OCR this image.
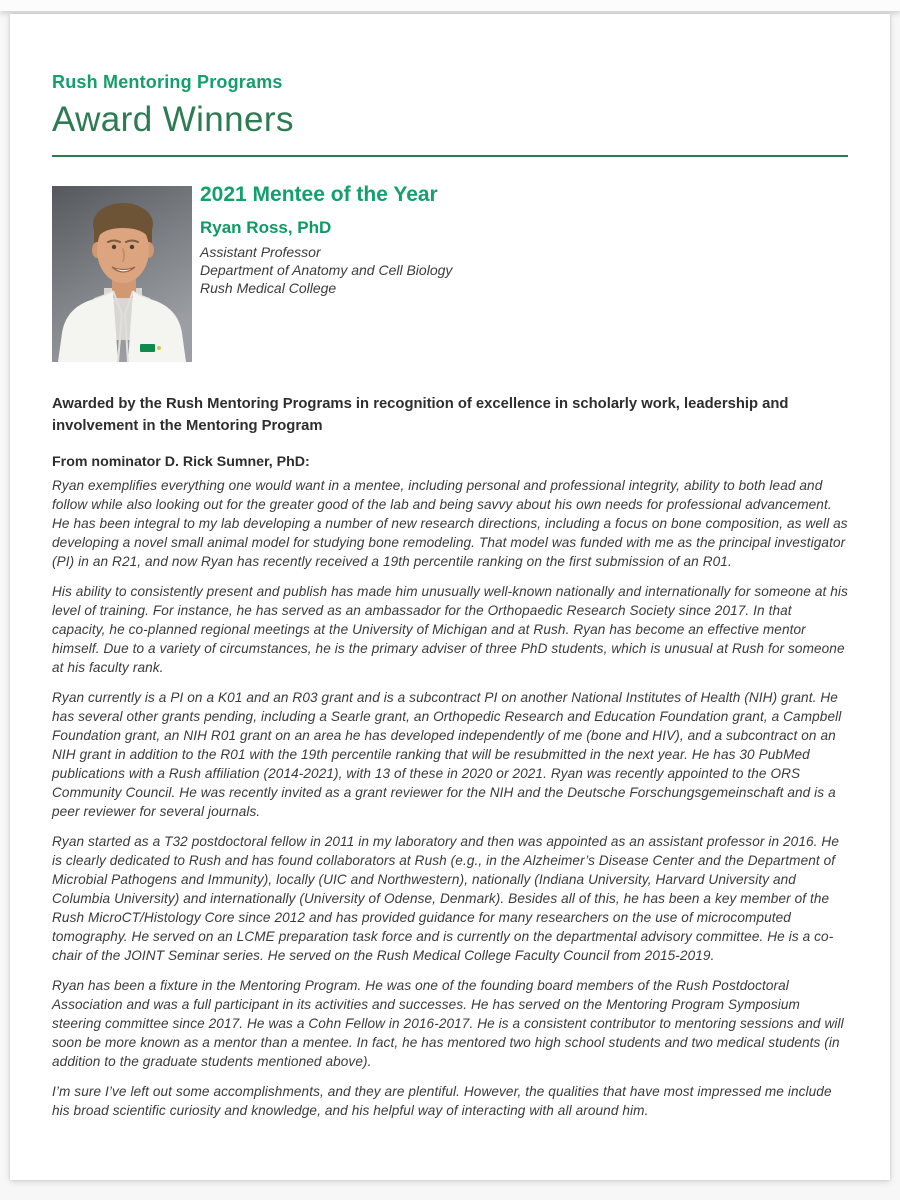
Rush Mentoring Programs
Award Winners
2021 Mentee of the Year
Ryan Ross, PhD
Assistant Professor
Department of Anatomy and Cell Biology
Rush Medical College

Awarded by the Rush Mentoring Programs in recognition of excellence in scholarly work, leadership and involvement in the Mentoring Program

From nominator D. Rick Sumner, PhD:

Ryan exemplifies everything one would want in a mentee, including personal and professional integrity, ability to both lead and follow while also looking out for the greater good of the lab and being savvy about his own needs for professional advancement. He has been integral to my lab developing a number of new research directions, including a focus on bone composition, as well as developing a novel small animal model for studying bone remodeling. That model was funded with me as the principal investigator (PI) in an R21, and now Ryan has recently received a 19th percentile ranking on the first submission of an R01.

His ability to consistently present and publish has made him unusually well-known nationally and internationally for someone at his level of training. For instance, he has served as an ambassador for the Orthopaedic Research Society since 2017. In that capacity, he co-planned regional meetings at the University of Michigan and at Rush. Ryan has become an effective mentor himself. Due to a variety of circumstances, he is the primary adviser of three PhD students, which is unusual at Rush for someone at his faculty rank.

Ryan currently is a PI on a K01 and an R03 grant and is a subcontract PI on another National Institutes of Health (NIH) grant. He has several other grants pending, including a Searle grant, an Orthopedic Research and Education Foundation grant, a Campbell Foundation grant, an NIH R01 grant on an area he has developed independently of me (bone and HIV), and a subcontract on an NIH grant in addition to the R01 with the 19th percentile ranking that will be resubmitted in the next year. He has 30 PubMed publications with a Rush affiliation (2014-2021), with 13 of these in 2020 or 2021. Ryan was recently appointed to the ORS Community Council. He was recently invited as a grant reviewer for the NIH and the Deutsche Forschungsgemeinschaft and is a peer reviewer for several journals.

Ryan started as a T32 postdoctoral fellow in 2011 in my laboratory and then was appointed as an assistant professor in 2016. He is clearly dedicated to Rush and has found collaborators at Rush (e.g., in the Alzheimer’s Disease Center and the Department of Microbial Pathogens and Immunity), locally (UIC and Northwestern), nationally (Indiana University, Harvard University and Columbia University) and internationally (University of Odense, Denmark). Besides all of this, he has been a key member of the Rush MicroCT/Histology Core since 2012 and has provided guidance for many researchers on the use of microcomputed tomography. He served on an LCME preparation task force and is currently on the departmental advisory committee. He is a co-chair of the JOINT Seminar series. He served on the Rush Medical College Faculty Council from 2015-2019.

Ryan has been a fixture in the Mentoring Program. He was one of the founding board members of the Rush Postdoctoral Association and was a full participant in its activities and successes. He has served on the Mentoring Program Symposium steering committee since 2017. He was a Cohn Fellow in 2016-2017. He is a consistent contributor to mentoring sessions and will soon be more known as a mentor than a mentee. In fact, he has mentored two high school students and two medical students (in addition to the graduate students mentioned above).

I’m sure I’ve left out some accomplishments, and they are plentiful. However, the qualities that have most impressed me include his broad scientific curiosity and knowledge, and his helpful way of interacting with all around him.
